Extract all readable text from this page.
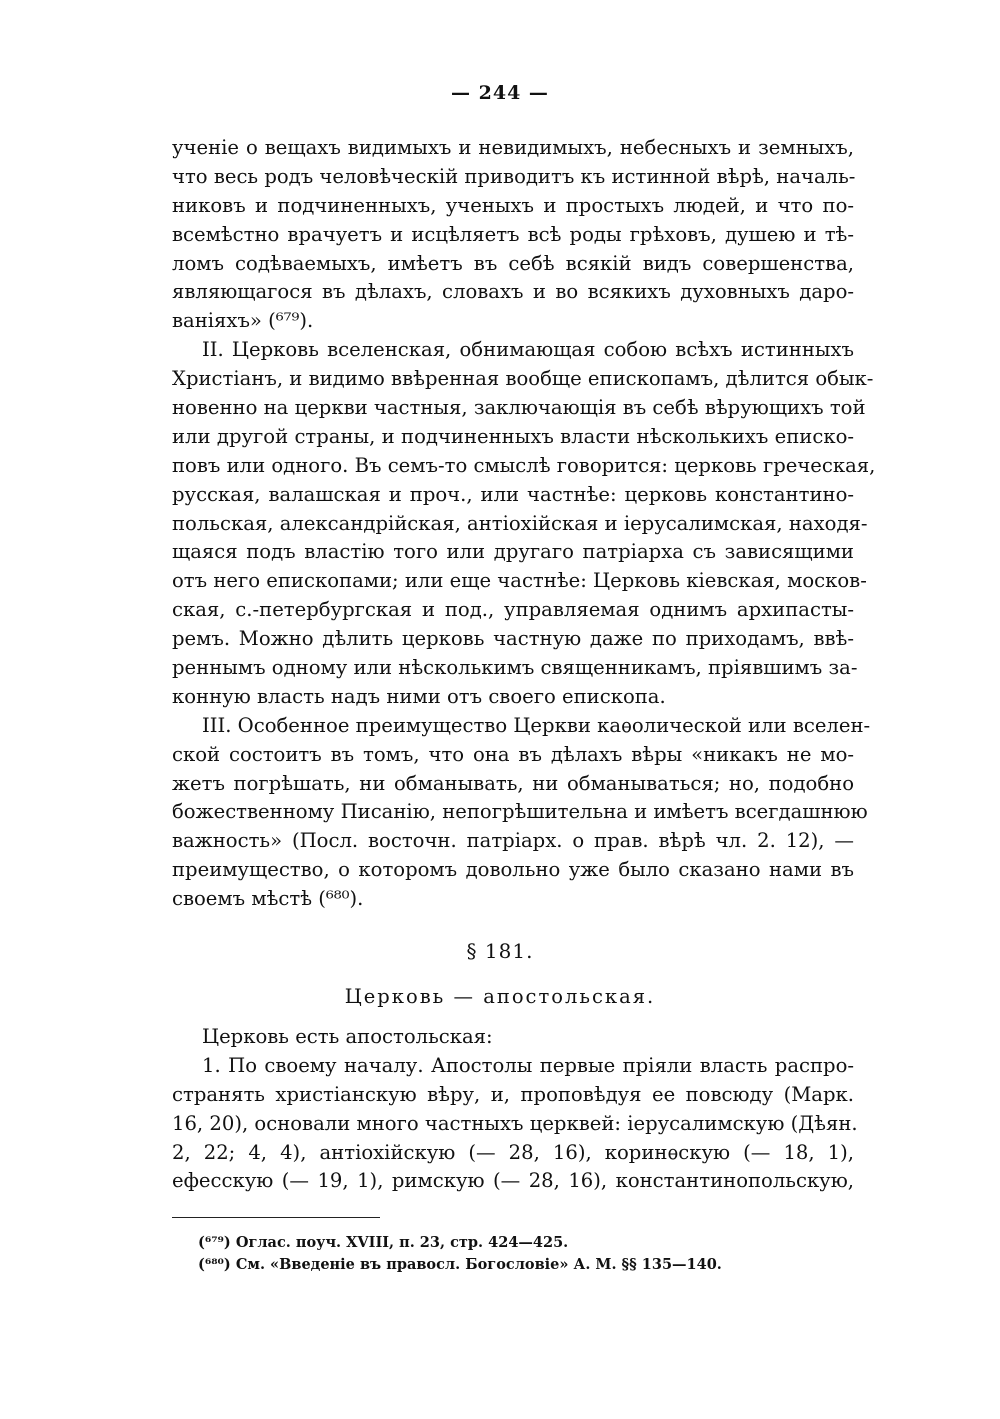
— 244 —
ученіе о вещахъ видимыхъ и невидимыхъ, небесныхъ и земныхъ,
что весь родъ человѣческій приводитъ къ истинной вѣрѣ, началь-
никовъ и подчиненныхъ, ученыхъ и простыхъ людей, и что по-
всемѣстно врачуетъ и исцѣляетъ всѣ роды грѣховъ, душею и тѣ-
ломъ содѣваемыхъ, имѣетъ въ себѣ всякій видъ совершенства,
являющагося въ дѣлахъ, словахъ и во всякихъ духовныхъ даро-
ваніяхъ» (⁶⁷⁹).
II. Церковь вселенская, обнимающая собою всѣхъ истинныхъ
Христіанъ, и видимо ввѣренная вообще епископамъ, дѣлится обык-
новенно на церкви частныя, заключающія въ себѣ вѣрующихъ той
или другой страны, и подчиненныхъ власти нѣсколькихъ еписко-
повъ или одного. Въ семъ-то смыслѣ говорится: церковь греческая,
русская, валашская и проч., или частнѣе: церковь константино-
польская, александрійская, антіохійская и іерусалимская, находя-
щаяся подъ властію того или другаго патріарха съ зависящими
отъ него епископами; или еще частнѣе: Церковь кіевская, москов-
ская, с.-петербургская и под., управляемая однимъ архипасты-
ремъ. Можно дѣлить церковь частную даже по приходамъ, ввѣ-
реннымъ одному или нѣсколькимъ священникамъ, пріявшимъ за-
конную власть надъ ними отъ своего епископа.
III. Особенное преимущество Церкви каѳолической или вселен-
ской состоитъ въ томъ, что она въ дѣлахъ вѣры «никакъ не мо-
жетъ погрѣшать, ни обманывать, ни обманываться; но, подобно
божественному Писанію, непогрѣшительна и имѣетъ всегдашнюю
важность» (Посл. восточн. патріарх. о прав. вѣрѣ чл. 2. 12), —
преимущество, о которомъ довольно уже было сказано нами въ
своемъ мѣстѣ (⁶⁸⁰).
§ 181.
Церковь — апостольская.
Церковь есть апостольская:
1. По своему началу. Апостолы первые пріяли власть распро-
странять христіанскую вѣру, и, проповѣдуя ее повсюду (Марк.
16, 20), основали много частныхъ церквей: іерусалимскую (Дѣян.
2, 22; 4, 4), антіохійскую (— 28, 16), коринѳскую (— 18, 1),
ефесскую (— 19, 1), римскую (— 28, 16), константинопольскую,
(⁶⁷⁹) Оглас. поуч. XVIII, п. 23, стр. 424—425.
(⁶⁸⁰) См. «Введеніе въ правосл. Богословіе» А. М. §§ 135—140.
